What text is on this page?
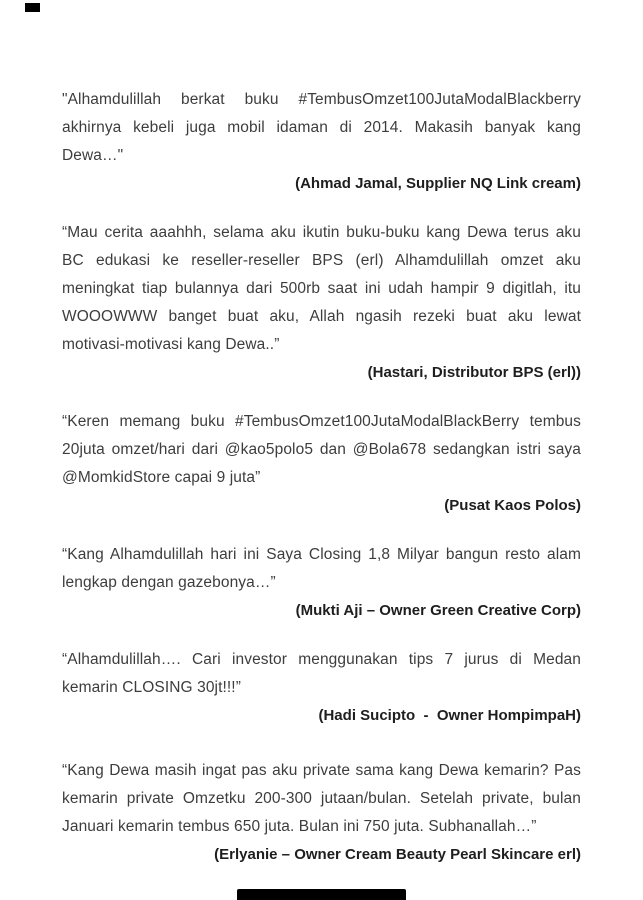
"Alhamdulillah berkat buku #TembusOmzet100JutaModalBlackberry akhirnya kebeli juga mobil idaman di 2014. Makasih banyak kang Dewa…"

(Ahmad Jamal, Supplier NQ Link cream)

“Mau cerita aaahhh, selama aku ikutin buku-buku kang Dewa terus aku BC edukasi ke reseller-reseller BPS (erl) Alhamdulillah omzet aku meningkat tiap bulannya dari 500rb saat ini udah hampir 9 digitlah, itu WOOOWWW banget buat aku, Allah ngasih rezeki buat aku lewat motivasi-motivasi kang Dewa..”

(Hastari, Distributor BPS (erl))

“Keren memang buku #TembusOmzet100JutaModalBlackBerry tembus 20juta omzet/hari dari @kao5polo5 dan @Bola678 sedangkan istri saya @MomkidStore capai 9 juta”

(Pusat Kaos Polos)

“Kang Alhamdulillah hari ini Saya Closing 1,8 Milyar bangun resto alam lengkap dengan gazebonya…”

(Mukti Aji – Owner Green Creative Corp)

“Alhamdulillah…. Cari investor menggunakan tips 7 jurus di Medan kemarin CLOSING 30jt!!!”

(Hadi Sucipto  -  Owner HompimpaH)

“Kang Dewa masih ingat pas aku private sama kang Dewa kemarin? Pas kemarin private Omzetku 200-300 jutaan/bulan. Setelah private, bulan Januari kemarin tembus 650 juta. Bulan ini 750 juta. Subhanallah…”

(Erlyanie – Owner Cream Beauty Pearl Skincare erl)
